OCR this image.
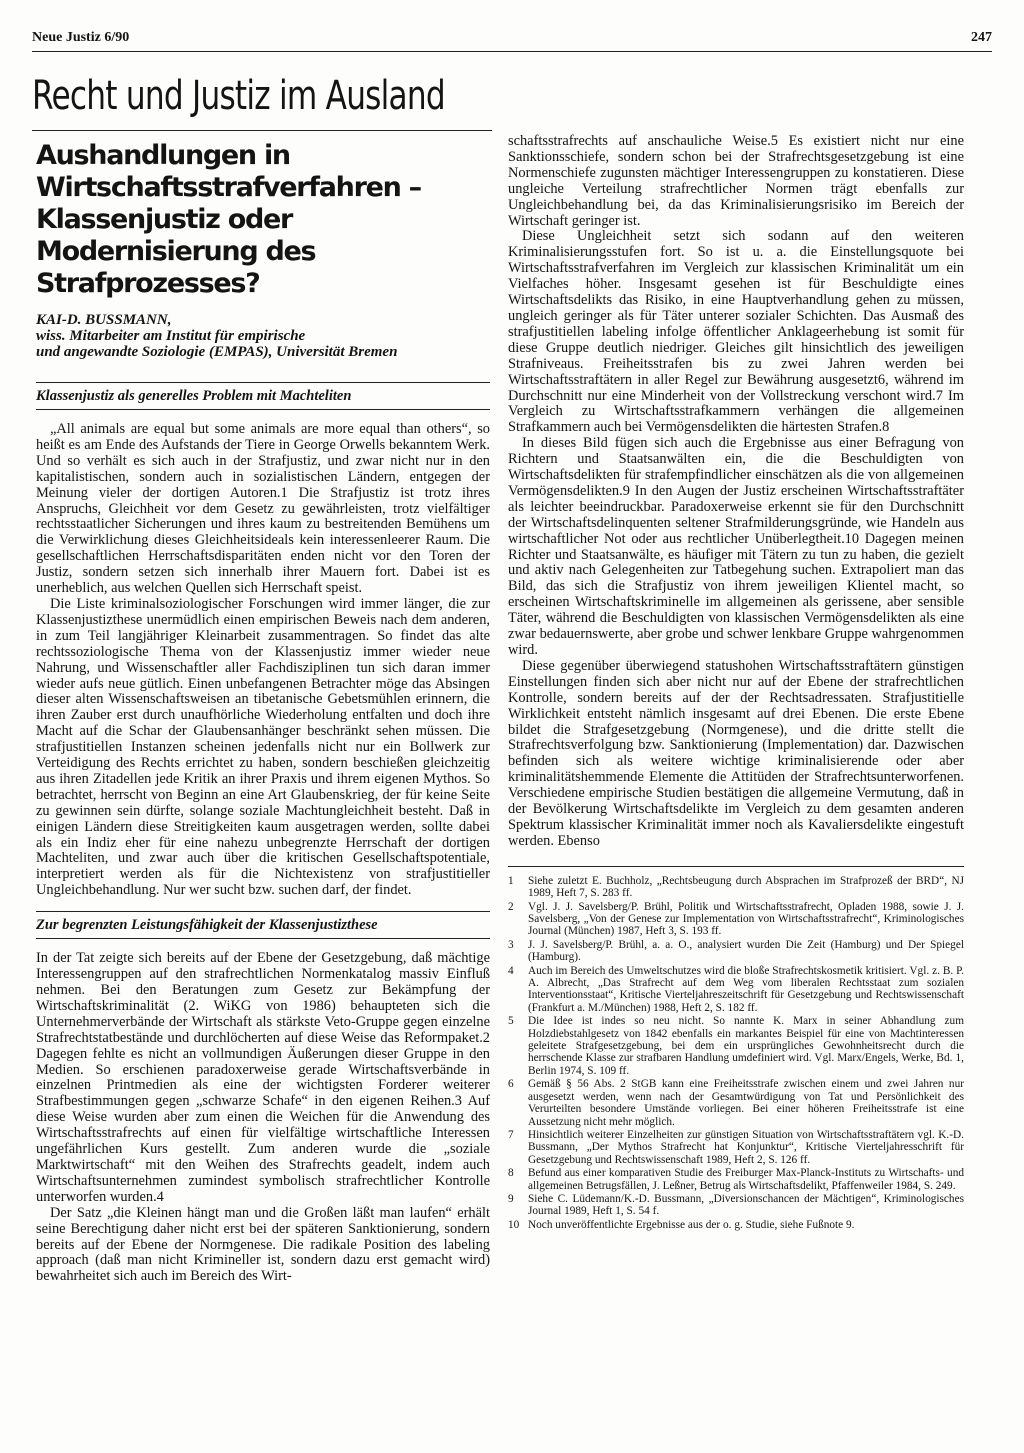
Neue Justiz 6/90	247
Recht und Justiz im Ausland
Aushandlungen in Wirtschaftsstrafverfahren – Klassenjustiz oder Modernisierung des Strafprozesses?
KAI-D. BUSSMANN,
wiss. Mitarbeiter am Institut für empirische
und angewandte Soziologie (EMPAS), Universität Bremen
Klassenjustiz als generelles Problem mit Machteliten

„All animals are equal but some animals are more equal than others“, so heißt es am Ende des Aufstands der Tiere in George Orwells bekanntem Werk. Und so verhält es sich auch in der Strafjustiz, und zwar nicht nur in den kapitalistischen, sondern auch in sozialistischen Ländern, entgegen der Meinung vieler der dortigen Autoren.1 Die Strafjustiz ist trotz ihres Anspruchs, Gleichheit vor dem Gesetz zu gewährleisten, trotz vielfältiger rechtsstaatlicher Sicherungen und ihres kaum zu bestreitenden Bemühens um die Verwirklichung dieses Gleichheitsideals kein interessenleerer Raum. Die gesellschaftlichen Herrschaftsdisparitäten enden nicht vor den Toren der Justiz, sondern setzen sich innerhalb ihrer Mauern fort. Dabei ist es unerheblich, aus welchen Quellen sich Herrschaft speist.

Die Liste kriminalsoziologischer Forschungen wird immer länger, die zur Klassenjustizthese unermüdlich einen empirischen Beweis nach dem anderen, in zum Teil langjähriger Kleinarbeit zusammentragen. So findet das alte rechtssoziologische Thema von der Klassenjustiz immer wieder neue Nahrung, und Wissenschaftler aller Fachdisziplinen tun sich daran immer wieder aufs neue gütlich. Einen unbefangenen Betrachter möge das Absingen dieser alten Wissenschaftsweisen an tibetanische Gebetsmühlen erinnern, die ihren Zauber erst durch unaufhörliche Wiederholung entfalten und doch ihre Macht auf die Schar der Glaubensanhänger beschränkt sehen müssen. Die strafjustitiellen Instanzen scheinen jedenfalls nicht nur ein Bollwerk zur Verteidigung des Rechts errichtet zu haben, sondern beschießen gleichzeitig aus ihren Zitadellen jede Kritik an ihrer Praxis und ihrem eigenen Mythos. So betrachtet, herrscht von Beginn an eine Art Glaubenskrieg, der für keine Seite zu gewinnen sein dürfte, solange soziale Machtungleichheit besteht. Daß in einigen Ländern diese Streitigkeiten kaum ausgetragen werden, sollte dabei als ein Indiz eher für eine nahezu unbegrenzte Herrschaft der dortigen Machteliten, und zwar auch über die kritischen Gesellschaftspotentiale, interpretiert werden als für die Nichtexistenz von strafjustitieller Ungleichbehandlung. Nur wer sucht bzw. suchen darf, der findet.

Zur begrenzten Leistungsfähigkeit der Klassenjustizthese

In der Tat zeigte sich bereits auf der Ebene der Gesetzgebung, daß mächtige Interessengruppen auf den strafrechtlichen Normenkatalog massiv Einfluß nehmen. Bei den Beratungen zum Gesetz zur Bekämpfung der Wirtschaftskriminalität (2. WiKG von 1986) behaupteten sich die Unternehmerverbände der Wirtschaft als stärkste Veto-Gruppe gegen einzelne Strafrechtstatbestände und durchlöcherten auf diese Weise das Reformpaket.2 Dagegen fehlte es nicht an vollmundigen Äußerungen dieser Gruppe in den Medien. So erschienen paradoxerweise gerade Wirtschaftsverbände in einzelnen Printmedien als eine der wichtigsten Forderer weiterer Strafbestimmungen gegen „schwarze Schafe“ in den eigenen Reihen.3 Auf diese Weise wurden aber zum einen die Weichen für die Anwendung des Wirtschaftsstrafrechts auf einen für vielfältige wirtschaftliche Interessen ungefährlichen Kurs gestellt. Zum anderen wurde die „soziale Marktwirtschaft“ mit den Weihen des Strafrechts geadelt, indem auch Wirtschaftsunternehmen zumindest symbolisch strafrechtlicher Kontrolle unterworfen wurden.4

Der Satz „die Kleinen hängt man und die Großen läßt man laufen“ erhält seine Berechtigung daher nicht erst bei der späteren Sanktionierung, sondern bereits auf der Ebene der Normgenese. Die radikale Position des labeling approach (daß man nicht Krimineller ist, sondern dazu erst gemacht wird) bewahrheitet sich auch im Bereich des Wirt-

schaftsstrafrechts auf anschauliche Weise.5 Es existiert nicht nur eine Sanktionsschiefe, sondern schon bei der Strafrechtsgesetzgebung ist eine Normenschiefe zugunsten mächtiger Interessengruppen zu konstatieren. Diese ungleiche Verteilung strafrechtlicher Normen trägt ebenfalls zur Ungleichbehandlung bei, da das Kriminalisierungsrisiko im Bereich der Wirtschaft geringer ist.

Diese Ungleichheit setzt sich sodann auf den weiteren Kriminalisierungsstufen fort. So ist u. a. die Einstellungsquote bei Wirtschaftsstrafverfahren im Vergleich zur klassischen Kriminalität um ein Vielfaches höher. Insgesamt gesehen ist für Beschuldigte eines Wirtschaftsdelikts das Risiko, in eine Hauptverhandlung gehen zu müssen, ungleich geringer als für Täter unterer sozialer Schichten. Das Ausmaß des strafjustitiellen labeling infolge öffentlicher Anklageerhebung ist somit für diese Gruppe deutlich niedriger. Gleiches gilt hinsichtlich des jeweiligen Strafniveaus. Freiheitsstrafen bis zu zwei Jahren werden bei Wirtschaftsstraftätern in aller Regel zur Bewährung ausgesetzt6, während im Durchschnitt nur eine Minderheit von der Vollstreckung verschont wird.7 Im Vergleich zu Wirtschaftsstrafkammern verhängen die allgemeinen Strafkammern auch bei Vermögensdelikten die härtesten Strafen.8

In dieses Bild fügen sich auch die Ergebnisse aus einer Befragung von Richtern und Staatsanwälten ein, die die Beschuldigten von Wirtschaftsdelikten für strafempfindlicher einschätzen als die von allgemeinen Vermögensdelikten.9 In den Augen der Justiz erscheinen Wirtschaftsstraftäter als leichter beeindruckbar. Paradoxerweise erkennt sie für den Durchschnitt der Wirtschaftsdelinquenten seltener Strafmilderungsgründe, wie Handeln aus wirtschaftlicher Not oder aus rechtlicher Unüberlegtheit.10 Dagegen meinen Richter und Staatsanwälte, es häufiger mit Tätern zu tun zu haben, die gezielt und aktiv nach Gelegenheiten zur Tatbegehung suchen. Extrapoliert man das Bild, das sich die Strafjustiz von ihrem jeweiligen Klientel macht, so erscheinen Wirtschaftskriminelle im allgemeinen als gerissene, aber sensible Täter, während die Beschuldigten von klassischen Vermögensdelikten als eine zwar bedauernswerte, aber grobe und schwer lenkbare Gruppe wahrgenommen wird.

Diese gegenüber überwiegend statushohen Wirtschaftsstraftätern günstigen Einstellungen finden sich aber nicht nur auf der Ebene der strafrechtlichen Kontrolle, sondern bereits auf der der Rechtsadressaten. Strafjustitielle Wirklichkeit entsteht nämlich insgesamt auf drei Ebenen. Die erste Ebene bildet die Strafgesetzgebung (Normgenese), und die dritte stellt die Strafrechtsverfolgung bzw. Sanktionierung (Implementation) dar. Dazwischen befinden sich als weitere wichtige kriminalisierende oder aber kriminalitätshemmende Elemente die Attitüden der Strafrechtsunterworfenen. Verschiedene empirische Studien bestätigen die allgemeine Vermutung, daß in der Bevölkerung Wirtschaftsdelikte im Vergleich zu dem gesamten anderen Spektrum klassischer Kriminalität immer noch als Kavaliersdelikte eingestuft werden. Ebenso

1	Siehe zuletzt E. Buchholz, „Rechtsbeugung durch Absprachen im Strafprozeß der BRD“, NJ 1989, Heft 7, S. 283 ff.
2	Vgl. J. J. Savelsberg/P. Brühl, Politik und Wirtschaftsstrafrecht, Opladen 1988, sowie J. J. Savelsberg, „Von der Genese zur Implementation von Wirtschaftsstrafrecht“, Kriminologisches Journal (München) 1987, Heft 3, S. 193 ff.
3	J. J. Savelsberg/P. Brühl, a. a. O., analysiert wurden Die Zeit (Hamburg) und Der Spiegel (Hamburg).
4	Auch im Bereich des Umweltschutzes wird die bloße Strafrechtskosmetik kritisiert. Vgl. z. B. P. A. Albrecht, „Das Strafrecht auf dem Weg vom liberalen Rechtsstaat zum sozialen Interventionsstaat“, Kritische Vierteljahreszeitschrift für Gesetzgebung und Rechtswissenschaft (Frankfurt a. M./München) 1988, Heft 2, S. 182 ff.
5	Die Idee ist indes so neu nicht. So nannte K. Marx in seiner Abhandlung zum Holzdiebstahlgesetz von 1842 ebenfalls ein markantes Beispiel für eine von Machtinteressen geleitete Strafgesetzgebung, bei dem ein ursprüngliches Gewohnheitsrecht durch die herrschende Klasse zur strafbaren Handlung umdefiniert wird. Vgl. Marx/Engels, Werke, Bd. 1, Berlin 1974, S. 109 ff.
6	Gemäß § 56 Abs. 2 StGB kann eine Freiheitsstrafe zwischen einem und zwei Jahren nur ausgesetzt werden, wenn nach der Gesamtwürdigung von Tat und Persönlichkeit des Verurteilten besondere Umstände vorliegen. Bei einer höheren Freiheitsstrafe ist eine Aussetzung nicht mehr möglich.
7	Hinsichtlich weiterer Einzelheiten zur günstigen Situation von Wirtschaftsstraftätern vgl. K.-D. Bussmann, „Der Mythos Strafrecht hat Konjunktur“, Kritische Vierteljahresschrift für Gesetzgebung und Rechtswissenschaft 1989, Heft 2, S. 126 ff.
8	Befund aus einer komparativen Studie des Freiburger Max-Planck-Instituts zu Wirtschafts- und allgemeinen Betrugsfällen, J. Leßner, Betrug als Wirtschaftsdelikt, Pfaffenweiler 1984, S. 249.
9	Siehe C. Lüdemann/K.-D. Bussmann, „Diversionschancen der Mächtigen“, Kriminologisches Journal 1989, Heft 1, S. 54 f.
10 Noch unveröffentlichte Ergebnisse aus der o. g. Studie, siehe Fußnote 9.
